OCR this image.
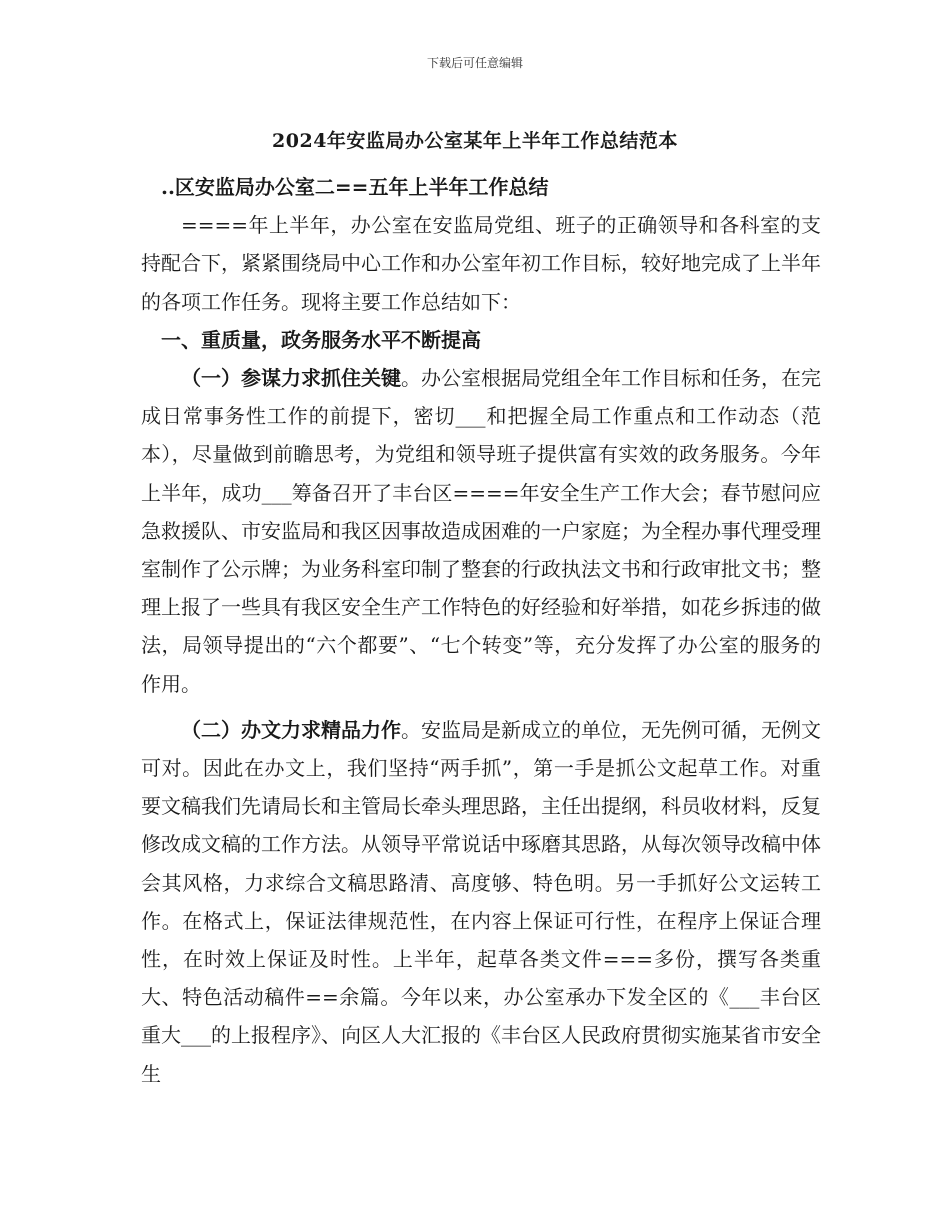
下载后可任意编辑
2024年安监局办公室某年上半年工作总结范本

..区安监局办公室二==五年上半年工作总结

====年上半年，办公室在安监局党组、班子的正确领导和各科室的支持配合下，紧紧围绕局中心工作和办公室年初工作目标，较好地完成了上半年的各项工作任务。现将主要工作总结如下：

一、重质量，政务服务水平不断提高

（一）参谋力求抓住关键。办公室根据局党组全年工作目标和任务，在完成日常事务性工作的前提下，密切___和把握全局工作重点和工作动态（范本），尽量做到前瞻思考，为党组和领导班子提供富有实效的政务服务。今年上半年，成功___筹备召开了丰台区====年安全生产工作大会；春节慰问应急救援队、市安监局和我区因事故造成困难的一户家庭；为全程办事代理受理室制作了公示牌；为业务科室印制了整套的行政执法文书和行政审批文书；整理上报了一些具有我区安全生产工作特色的好经验和好举措，如花乡拆违的做法，局领导提出的“六个都要”、“七个转变”等，充分发挥了办公室的服务的作用。

（二）办文力求精品力作。安监局是新成立的单位，无先例可循，无例文可对。因此在办文上，我们坚持“两手抓”，第一手是抓公文起草工作。对重要文稿我们先请局长和主管局长牵头理思路，主任出提纲，科员收材料，反复修改成文稿的工作方法。从领导平常说话中琢磨其思路，从每次领导改稿中体会其风格，力求综合文稿思路清、高度够、特色明。另一手抓好公文运转工作。在格式上，保证法律规范性，在内容上保证可行性，在程序上保证合理性，在时效上保证及时性。上半年，起草各类文件===多份，撰写各类重大、特色活动稿件==余篇。今年以来，办公室承办下发全区的《___丰台区重大___的上报程序》、向区人大汇报的《丰台区人民政府贯彻实施某省市安全生
